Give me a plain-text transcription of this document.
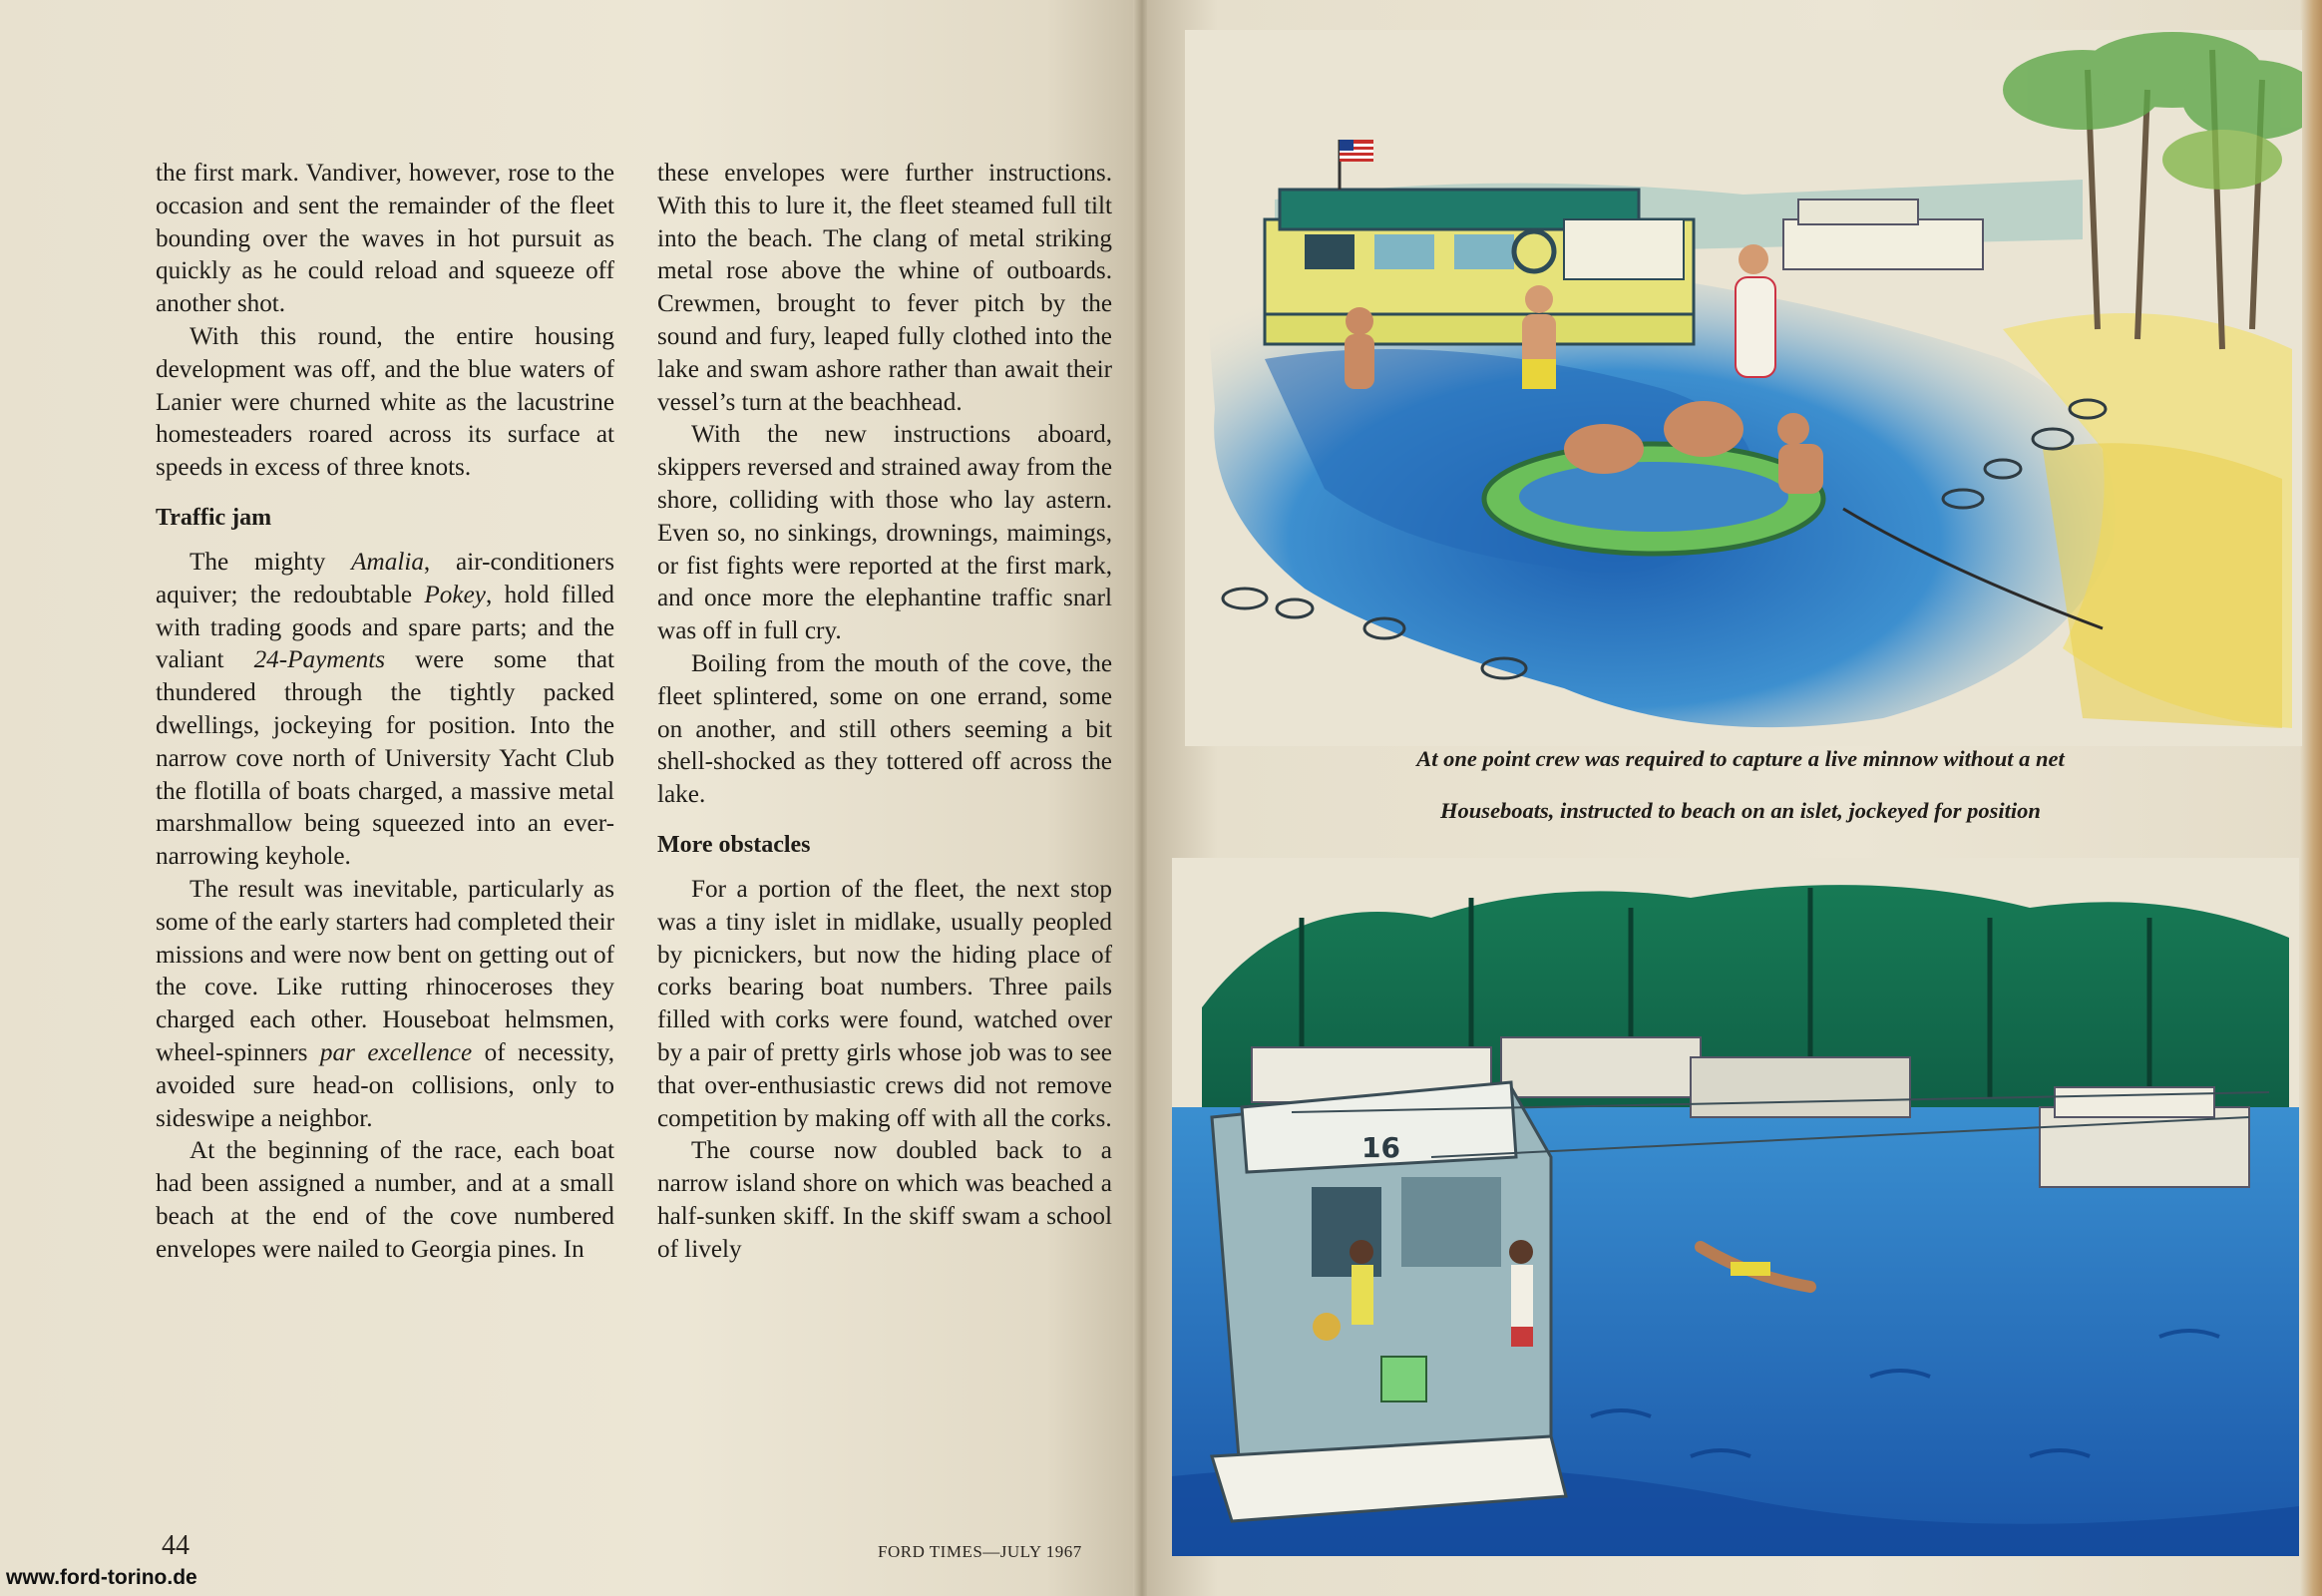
the first mark. Vandiver, however, rose to the occasion and sent the remainder of the fleet bounding over the waves in hot pursuit as quickly as he could reload and squeeze off another shot.

With this round, the entire housing development was off, and the blue waters of Lanier were churned white as the lacustrine homesteaders roared across its surface at speeds in excess of three knots.

Traffic jam

The mighty Amalia, air-conditioners aquiver; the redoubtable Pokey, hold filled with trading goods and spare parts; and the valiant 24-Payments were some that thundered through the tightly packed dwellings, jockeying for position. Into the narrow cove north of University Yacht Club the flotilla of boats charged, a massive metal marshmallow being squeezed into an ever-narrowing keyhole.

The result was inevitable, particularly as some of the early starters had completed their missions and were now bent on getting out of the cove. Like rutting rhinoceroses they charged each other. Houseboat helmsmen, wheel-spinners par excellence of necessity, avoided sure head-on collisions, only to sideswipe a neighbor.

At the beginning of the race, each boat had been assigned a number, and at a small beach at the end of the cove numbered envelopes were nailed to Georgia pines. In

these envelopes were further instructions. With this to lure it, the fleet steamed full tilt into the beach. The clang of metal striking metal rose above the whine of outboards. Crewmen, brought to fever pitch by the sound and fury, leaped fully clothed into the lake and swam ashore rather than await their vessel’s turn at the beachhead.

With the new instructions aboard, skippers reversed and strained away from the shore, colliding with those who lay astern. Even so, no sinkings, drownings, maimings, or fist fights were reported at the first mark, and once more the elephantine traffic snarl was off in full cry.

Boiling from the mouth of the cove, the fleet splintered, some on one errand, some on another, and still others seeming a bit shell-shocked as they tottered off across the lake.

More obstacles

For a portion of the fleet, the next stop was a tiny islet in midlake, usually peopled by picnickers, but now the hiding place of corks bearing boat numbers. Three pails filled with corks were found, watched over by a pair of pretty girls whose job was to see that over-enthusiastic crews did not remove competition by making off with all the corks.

The course now doubled back to a narrow island shore on which was beached a half-sunken skiff. In the skiff swam a school of lively

44	FORD TIMES—JULY 1967
www.ford-torino.de
At one point crew was required to capture a live minnow without a net
Houseboats, instructed to beach on an islet, jockeyed for position
16
